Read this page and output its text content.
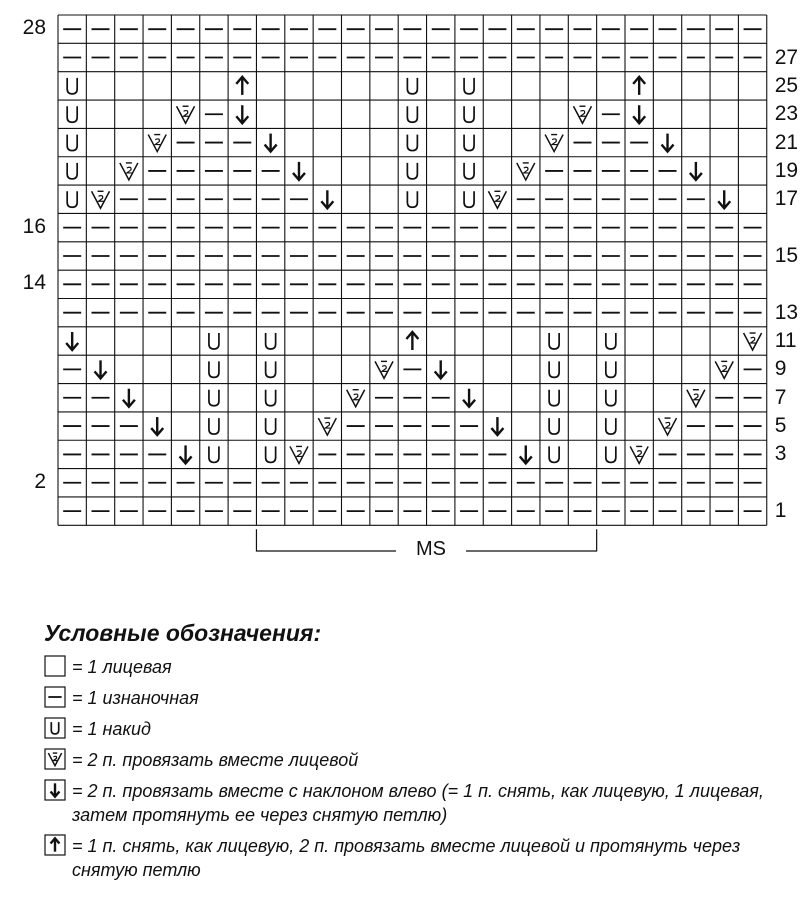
MS
28
16
14
2
27
25
23
21
19
17
15
13
11
9
7
5
3
1
Условные обозначения:
= 1 лицевая
= 1 изнаночная
= 1 накид
= 2 п. провязать вместе лицевой
= 2 п. провязать вместе с наклоном влево (= 1 п. снять, как лицевую, 1 лицевая, затем протянуть ее через снятую петлю)
= 1 п. снять, как лицевую, 2 п. провязать вместе лицевой и протянуть через снятую петлю
